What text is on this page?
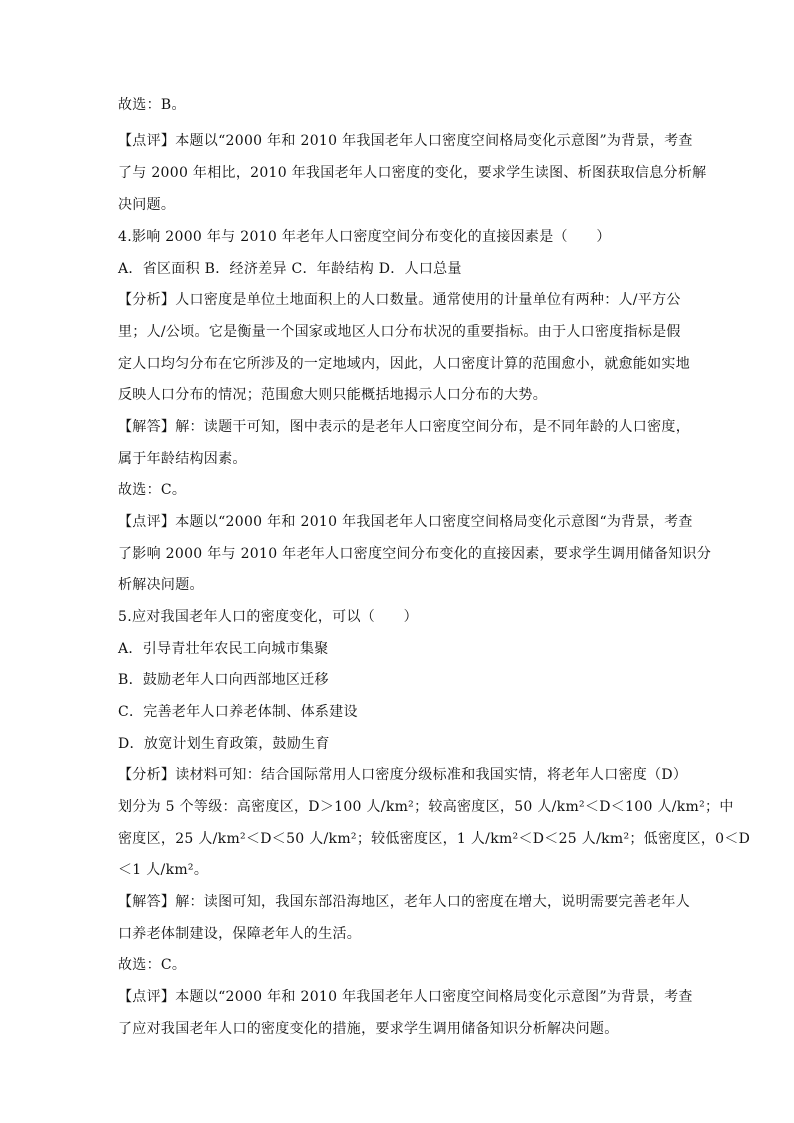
故选：B。
【点评】本题以“2000 年和 2010 年我国老年人口密度空间格局变化示意图”为背景，考查
了与 2000 年相比，2010 年我国老年人口密度的变化，要求学生读图、析图获取信息分析解
决问题。
4.影响 2000 年与 2010 年老年人口密度空间分布变化的直接因素是（　　）
A．省区面积 B．经济差异 C．年龄结构 D．人口总量
【分析】人口密度是单位土地面积上的人口数量。通常使用的计量单位有两种：人/平方公
里；人/公顷。它是衡量一个国家或地区人口分布状况的重要指标。由于人口密度指标是假
定人口均匀分布在它所涉及的一定地域内，因此，人口密度计算的范围愈小，就愈能如实地
反映人口分布的情况；范围愈大则只能概括地揭示人口分布的大势。
【解答】解：读题干可知，图中表示的是老年人口密度空间分布，是不同年龄的人口密度，
属于年龄结构因素。
故选：C。
【点评】本题以“2000 年和 2010 年我国老年人口密度空间格局变化示意图“为背景，考查
了影响 2000 年与 2010 年老年人口密度空间分布变化的直接因素，要求学生调用储备知识分
析解决问题。
5.应对我国老年人口的密度变化，可以（　　）
A．引导青壮年农民工向城市集聚
B．鼓励老年人口向西部地区迁移
C．完善老年人口养老体制、体系建设
D．放宽计划生育政策，鼓励生育
【分析】读材料可知：结合国际常用人口密度分级标准和我国实情，将老年人口密度（D）
划分为 5 个等级：高密度区，D＞100 人/km²；较高密度区，50 人/km²＜D＜100 人/km²；中
密度区，25 人/km²＜D＜50 人/km²；较低密度区，1 人/km²＜D＜25 人/km²；低密度区，0＜D
＜1 人/km²。
【解答】解：读图可知，我国东部沿海地区，老年人口的密度在增大，说明需要完善老年人
口养老体制建设，保障老年人的生活。
故选：C。
【点评】本题以“2000 年和 2010 年我国老年人口密度空间格局变化示意图”为背景，考查
了应对我国老年人口的密度变化的措施，要求学生调用储备知识分析解决问题。
